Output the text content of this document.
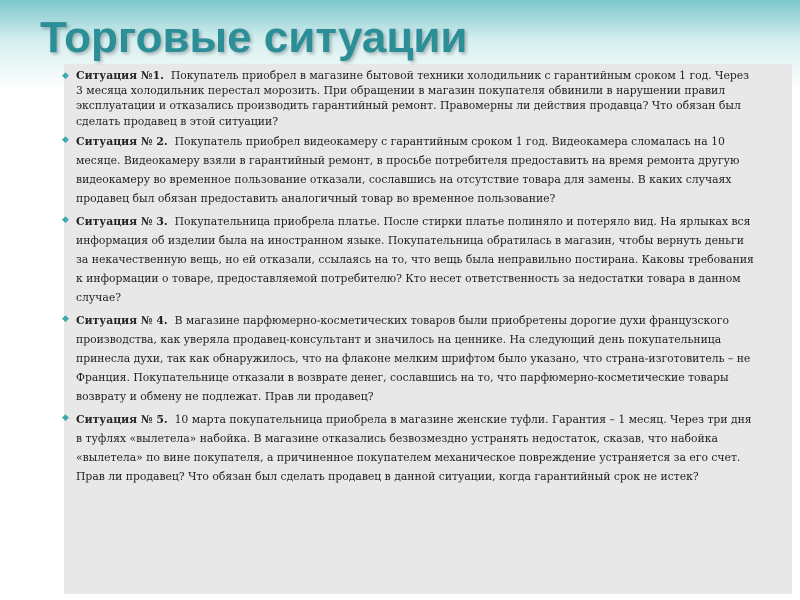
Торговые ситуации
◆ Ситуация №1. Покупатель приобрел в магазине бытовой техники холодильник с гарантийным сроком 1 год. Через 3 месяца холодильник перестал морозить. При обращении в магазин покупателя обвинили в нарушении правил эксплуатации и отказались производить гарантийный ремонт. Правомерны ли действия продавца? Что обязан был сделать продавец в этой ситуации?
◆ Ситуация № 2. Покупатель приобрел видеокамеру с гарантийным сроком 1 год. Видеокамера сломалась на 10 месяце. Видеокамеру взяли в гарантийный ремонт, в просьбе потребителя предоставить на время ремонта другую видеокамеру во временное пользование отказали, сославшись на отсутствие товара для замены. В каких случаях продавец был обязан предоставить аналогичный товар во временное пользование?
◆ Ситуация № 3. Покупательница приобрела платье. После стирки платье полиняло и потеряло вид. На ярлыках вся информация об изделии была на иностранном языке. Покупательница обратилась в магазин, чтобы вернуть деньги за некачественную вещь, но ей отказали, ссылаясь на то, что вещь была неправильно постирана. Каковы требования к информации о товаре, предоставляемой потребителю? Кто несет ответственность за недостатки товара в данном случае?
◆ Ситуация № 4. В магазине парфюмерно-косметических товаров были приобретены дорогие духи французского производства, как уверяла продавец-консультант и значилось на ценнике. На следующий день покупательница принесла духи, так как обнаружилось, что на флаконе мелким шрифтом было указано, что страна-изготовитель – не Франция. Покупательнице отказали в возврате денег, сославшись на то, что парфюмерно-косметические товары возврату и обмену не подлежат. Прав ли продавец?
◆ Ситуация № 5. 10 марта покупательница приобрела в магазине женские туфли. Гарантия – 1 месяц. Через три дня в туфлях «вылетела» набойка. В магазине отказались безвозмездно устранять недостаток, сказав, что набойка «вылетела» по вине покупателя, а причиненное покупателем механическое повреждение устраняется за его счет. Прав ли продавец? Что обязан был сделать продавец в данной ситуации, когда гарантийный срок не истек?
